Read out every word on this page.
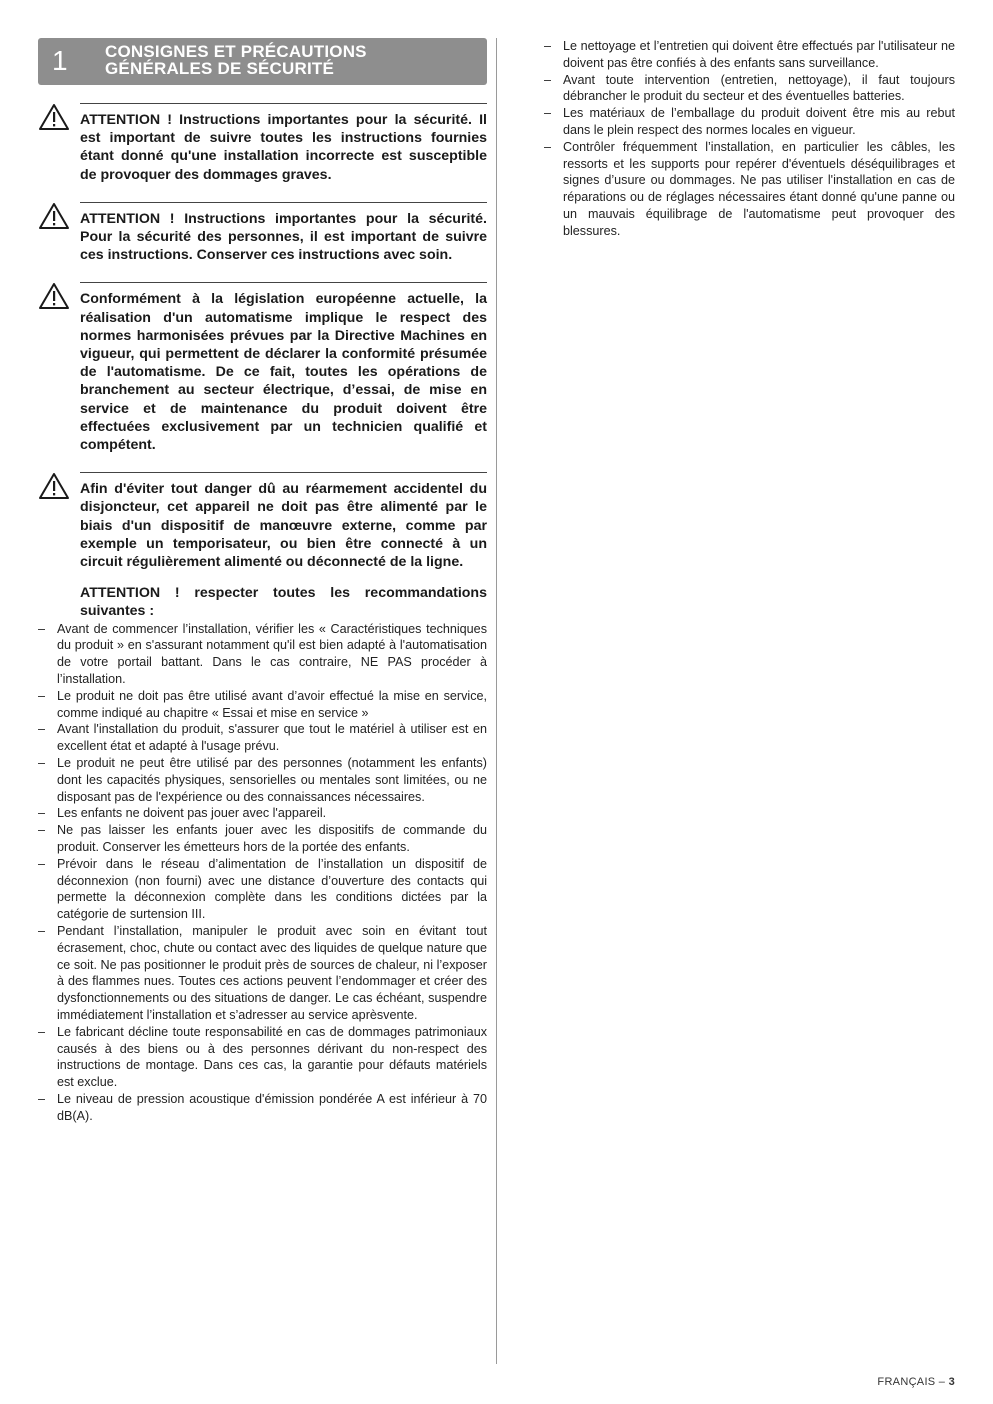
1 CONSIGNES ET PRÉCAUTIONS
GÉNÉRALES DE SÉCURITÉ
ATTENTION ! Instructions importantes pour la sécurité. Il est important de suivre toutes les instructions fournies étant donné qu'une installation incorrecte est susceptible de provoquer des dommages graves.
ATTENTION ! Instructions importantes pour la sécurité. Pour la sécurité des personnes, il est important de suivre ces instructions. Conserver ces instructions avec soin.
Conformément à la législation européenne actuelle, la réalisation d'un automatisme implique le respect des normes harmonisées prévues par la Directive Machines en vigueur, qui permettent de déclarer la conformité présumée de l'automatisme. De ce fait, toutes les opérations de branchement au secteur électrique, d’essai, de mise en service et de maintenance du produit doivent être effectuées exclusivement par un technicien qualifié et compétent.
Afin d'éviter tout danger dû au réarmement accidentel du disjoncteur, cet appareil ne doit pas être alimenté par le biais d'un dispositif de manœuvre externe, comme par exemple un temporisateur, ou bien être connecté à un circuit régulièrement alimenté ou déconnecté de la ligne.
ATTENTION ! respecter toutes les recommandations suivantes :
– Avant de commencer l’installation, vérifier les « Caractéristiques techniques du produit » en s'assurant notamment qu'il est bien adapté à l'automatisation de votre portail battant. Dans le cas contraire, NE PAS procéder à l’installation.
– Le produit ne doit pas être utilisé avant d’avoir effectué la mise en service, comme indiqué au chapitre « Essai et mise en service »
– Avant l'installation du produit, s'assurer que tout le matériel à utiliser est en excellent état et adapté à l'usage prévu.
– Le produit ne peut être utilisé par des personnes (notamment les enfants) dont les capacités physiques, sensorielles ou mentales sont limitées, ou ne disposant pas de l'expérience ou des connaissances nécessaires.
– Les enfants ne doivent pas jouer avec l'appareil.
– Ne pas laisser les enfants jouer avec les dispositifs de commande du produit. Conserver les émetteurs hors de la portée des enfants.
– Prévoir dans le réseau d’alimentation de l’installation un dispositif de déconnexion (non fourni) avec une distance d’ouverture des contacts qui permette la déconnexion complète dans les conditions dictées par la catégorie de surtension III.
– Pendant l’installation, manipuler le produit avec soin en évitant tout écrasement, choc, chute ou contact avec des liquides de quelque nature que ce soit. Ne pas positionner le produit près de sources de chaleur, ni l’exposer à des flammes nues. Toutes ces actions peuvent l’endommager et créer des dysfonctionnements ou des situations de danger. Le cas échéant, suspendre immédiatement l’installation et s’adresser au service aprèsvente.
– Le fabricant décline toute responsabilité en cas de dommages patrimoniaux causés à des biens ou à des personnes dérivant du non-respect des instructions de montage. Dans ces cas, la garantie pour défauts matériels est exclue.
– Le niveau de pression acoustique d'émission pondérée A est inférieur à 70 dB(A).
– Le nettoyage et l’entretien qui doivent être effectués par l'utilisateur ne doivent pas être confiés à des enfants sans surveillance.
– Avant toute intervention (entretien, nettoyage), il faut toujours débrancher le produit du secteur et des éventuelles batteries.
– Les matériaux de l’emballage du produit doivent être mis au rebut dans le plein respect des normes locales en vigueur.
– Contrôler fréquemment l’installation, en particulier les câbles, les ressorts et les supports pour repérer d'éventuels déséquilibrages et signes d’usure ou dommages. Ne pas utiliser l'installation en cas de réparations ou de réglages nécessaires étant donné qu'une panne ou un mauvais équilibrage de l'automatisme peut provoquer des blessures.
FRANÇAIS – 3
